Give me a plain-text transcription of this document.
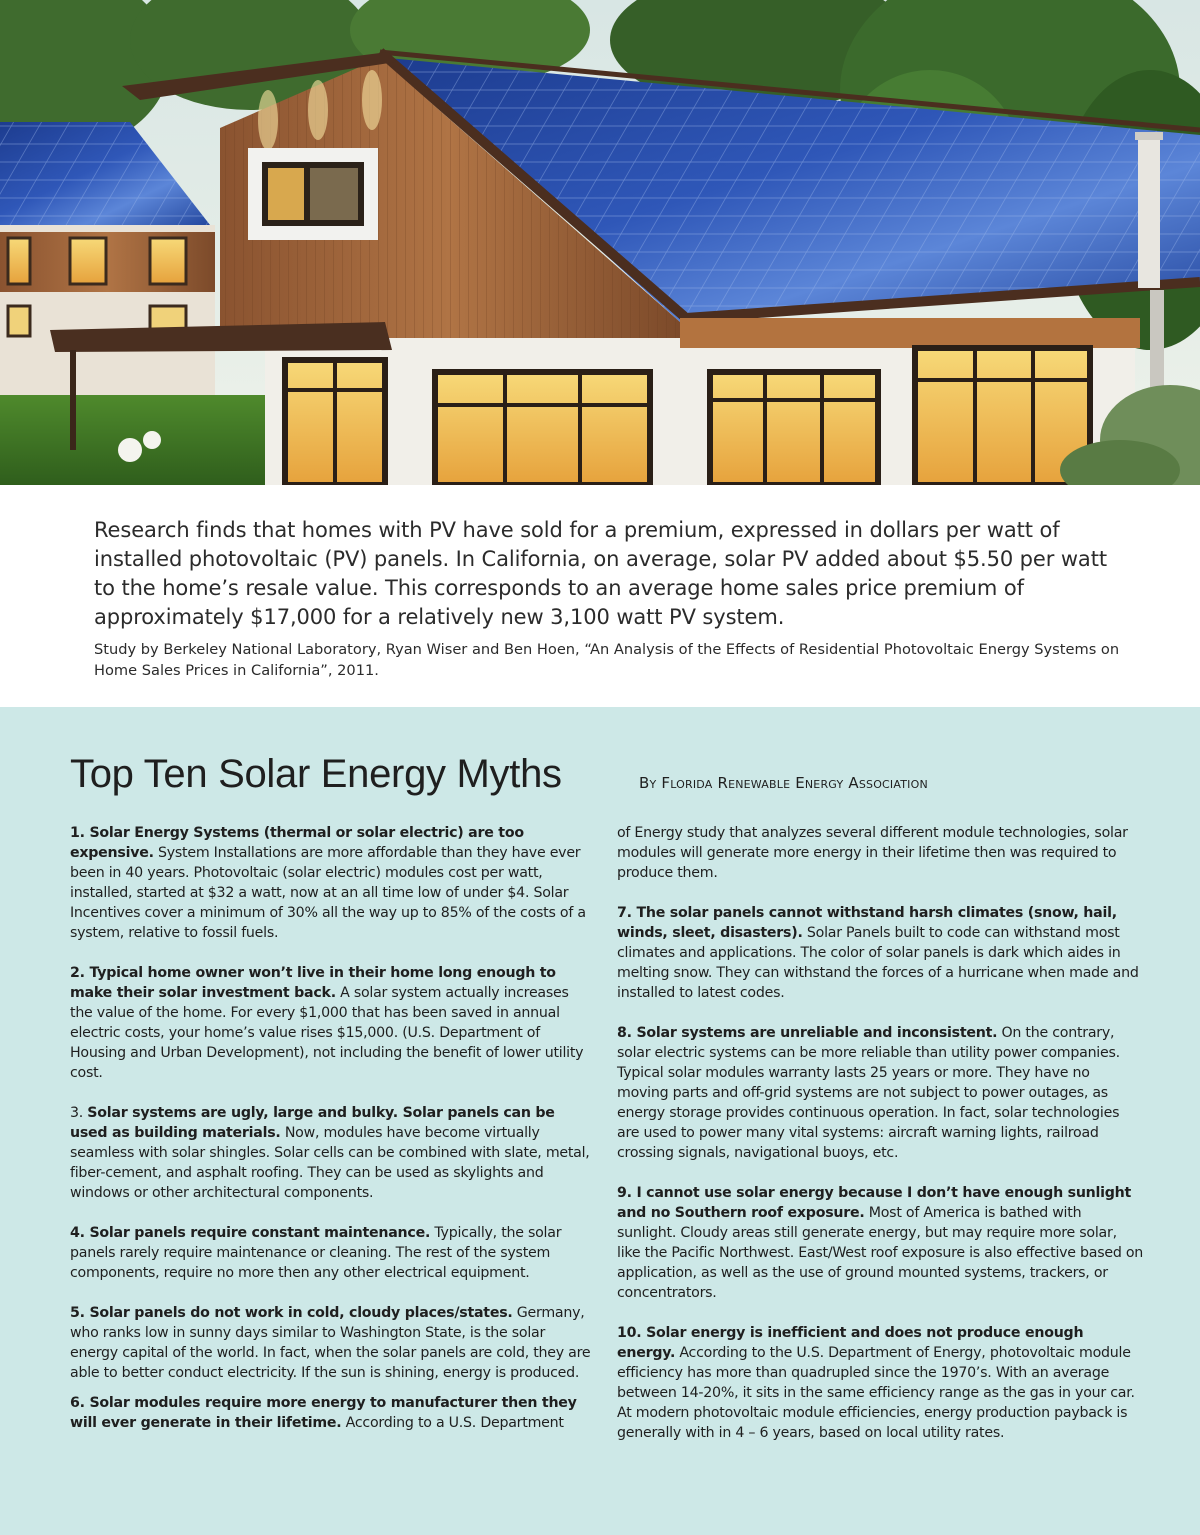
Research finds that homes with PV have sold for a premium, expressed in dollars per watt of installed photovoltaic (PV) panels. In California, on average, solar PV added about $5.50 per watt to the home’s resale value. This corresponds to an average home sales price premium of approximately $17,000 for a relatively new 3,100 watt PV system.

Study by Berkeley National Laboratory, Ryan Wiser and Ben Hoen, “An Analysis of the Effects of Residential Photovoltaic Energy Systems on Home Sales Prices in California”, 2011.

Top Ten Solar Energy Myths	By Florida Renewable Energy Association

1. Solar Energy Systems (thermal or solar electric) are too expensive. System Installations are more affordable than they have ever been in 40 years. Photovoltaic (solar electric) modules cost per watt, installed, started at $32 a watt, now at an all time low of under $4. Solar Incentives cover a minimum of 30% all the way up to 85% of the costs of a system, relative to fossil fuels.

2. Typical home owner won’t live in their home long enough to make their solar investment back. A solar system actually increases the value of the home. For every $1,000 that has been saved in annual electric costs, your home’s value rises $15,000. (U.S. Department of Housing and Urban Development), not including the benefit of lower utility cost.

3. Solar systems are ugly, large and bulky. Solar panels can be used as building materials. Now, modules have become virtually seamless with solar shingles. Solar cells can be combined with slate, metal, fiber-cement, and asphalt roofing. They can be used as skylights and windows or other architectural components.

4. Solar panels require constant maintenance. Typically, the solar panels rarely require maintenance or cleaning. The rest of the system components, require no more then any other electrical equipment.

5. Solar panels do not work in cold, cloudy places/states. Germany, who ranks low in sunny days similar to Washington State, is the solar energy capital of the world. In fact, when the solar panels are cold, they are able to better conduct electricity. If the sun is shining, energy is produced.

6. Solar modules require more energy to manufacturer then they will ever generate in their lifetime. According to a U.S. Department

of Energy study that analyzes several different module technologies, solar modules will generate more energy in their lifetime then was required to produce them.

7. The solar panels cannot withstand harsh climates (snow, hail, winds, sleet, disasters). Solar Panels built to code can withstand most climates and applications. The color of solar panels is dark which aides in melting snow. They can withstand the forces of a hurricane when made and installed to latest codes.

8. Solar systems are unreliable and inconsistent. On the contrary, solar electric systems can be more reliable than utility power companies. Typical solar modules warranty lasts 25 years or more. They have no moving parts and off-grid systems are not subject to power outages, as energy storage provides continuous operation. In fact, solar technologies are used to power many vital systems: aircraft warning lights, railroad crossing signals, navigational buoys, etc.

9. I cannot use solar energy because I don’t have enough sunlight and no Southern roof exposure. Most of America is bathed with sunlight. Cloudy areas still generate energy, but may require more solar, like the Pacific Northwest. East/West roof exposure is also effective based on application, as well as the use of ground mounted systems, trackers, or concentrators.

10. Solar energy is inefficient and does not produce enough energy. According to the U.S. Department of Energy, photovoltaic module efficiency has more than quadrupled since the 1970’s. With an average between 14-20%, it sits in the same efficiency range as the gas in your car. At modern photovoltaic module efficiencies, energy production payback is generally with in 4 – 6 years, based on local utility rates.
